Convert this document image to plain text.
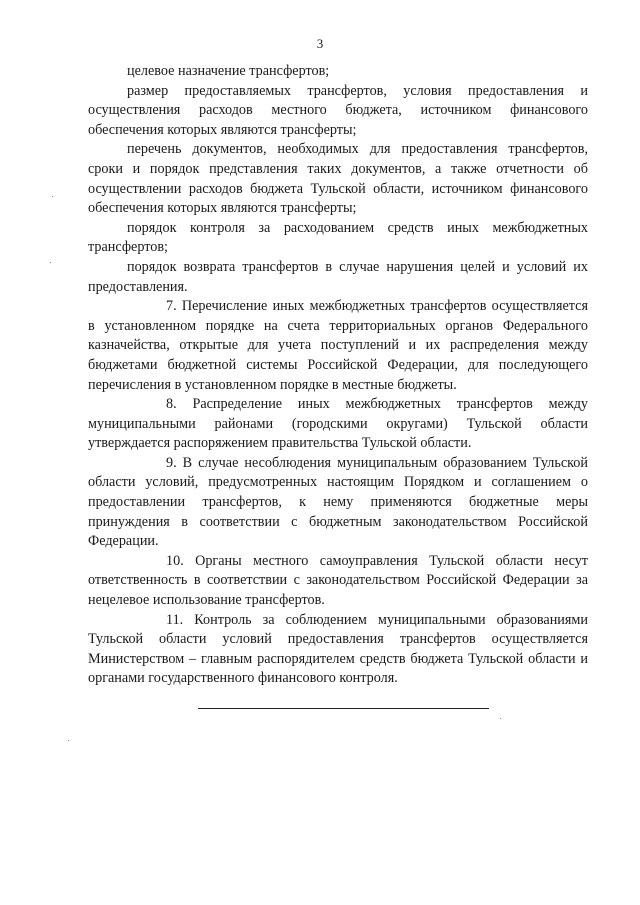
3

целевое назначение трансфертов;

размер предоставляемых трансфертов, условия предоставления и осуществления расходов местного бюджета, источником финансового обеспечения которых являются трансферты;

перечень документов, необходимых для предоставления трансфертов, сроки и порядок представления таких документов, а также отчетности об осуществлении расходов бюджета Тульской области, источником финансового обеспечения которых являются трансферты;

порядок контроля за расходованием средств иных межбюджетных трансфертов;

порядок возврата трансфертов в случае нарушения целей и условий их предоставления.

7. Перечисление иных межбюджетных трансфертов осуществляется в установленном порядке на счета территориальных органов Федерального казначейства, открытые для учета поступлений и их распределения между бюджетами бюджетной системы Российской Федерации, для последующего перечисления в установленном порядке в местные бюджеты.

8. Распределение иных межбюджетных трансфертов между муниципальными районами (городскими округами) Тульской области утверждается распоряжением правительства Тульской области.

9. В случае несоблюдения муниципальным образованием Тульской области условий, предусмотренных настоящим Порядком и соглашением о предоставлении трансфертов, к нему применяются бюджетные меры принуждения в соответствии с бюджетным законодательством Российской Федерации.

10. Органы местного самоуправления Тульской области несут ответственность в соответствии с законодательством Российской Федерации за нецелевое использование трансфертов.

11. Контроль за соблюдением муниципальными образованиями Тульской области условий предоставления трансфертов осуществляется Министерством – главным распорядителем средств бюджета Тульской области и органами государственного финансового контроля.
